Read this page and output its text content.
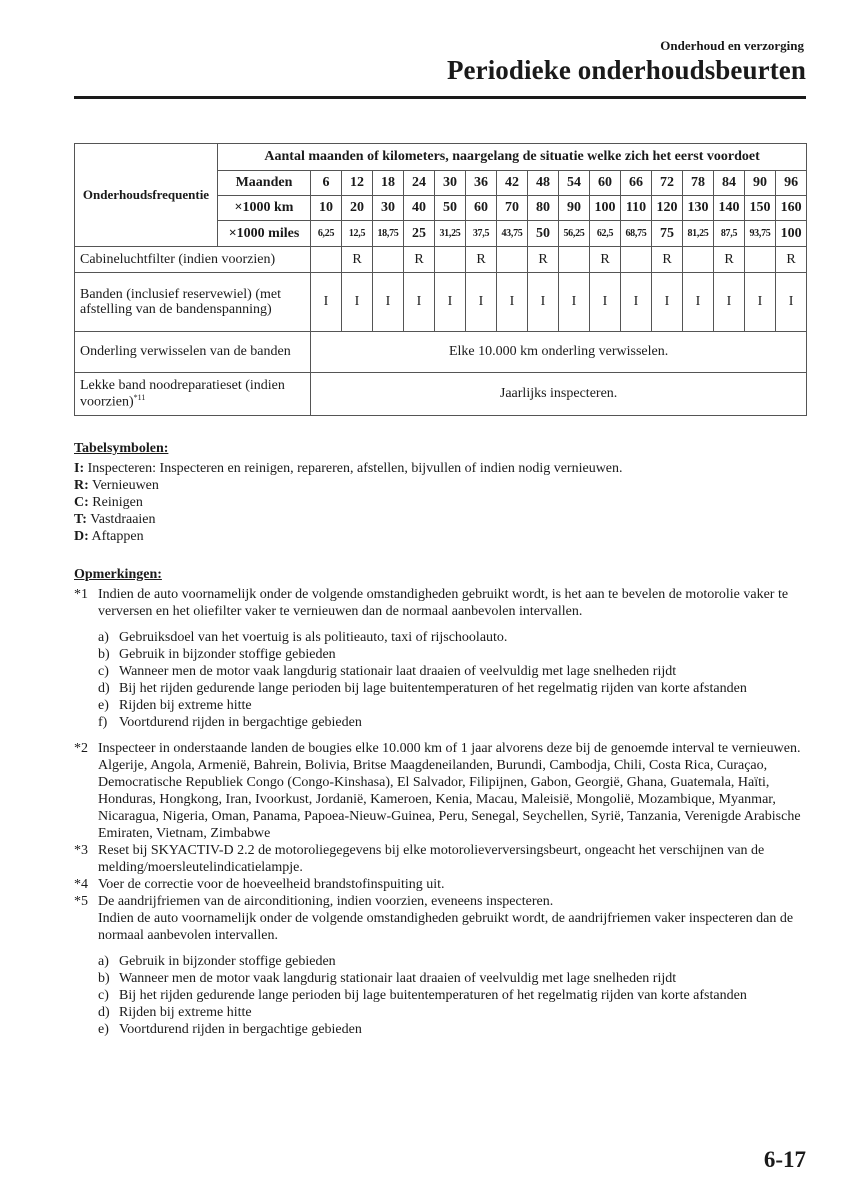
Onderhoud en verzorging
Periodieke onderhoudsbeurten
Onderhoudsfrequentie	Aantal maanden of kilometers, naargelang de situatie welke zich het eerst voordoet																
	Maanden	6	12	18	24	30	36	42	48	54	60	66	72	78	84	90	96
	×1000 km	10	20	30	40	50	60	70	80	90	100	110	120	130	140	150	160
	×1000 miles	6,25	12,5	18,75	25	31,25	37,5	43,75	50	56,25	62,5	68,75	75	81,25	87,5	93,75	100
Cabineluchtfilter (indien voorzien)			R		R		R		R		R		R		R		R
Banden (inclusief reservewiel) (met afstelling van de bandenspanning)		I	I	I	I	I	I	I	I	I	I	I	I	I	I	I	I
Onderling verwisselen van de banden		Elke 10.000 km onderling verwisselen.															
Lekke band noodreparatieset (indien voorzien)$^{*11}$		Jaarlijks inspecteren.															
Tabelsymbolen:
I: Inspecteren: Inspecteren en reinigen, repareren, afstellen, bijvullen of indien nodig vernieuwen.
R: Vernieuwen
C: Reinigen
T: Vastdraaien
D: Aftappen
Opmerkingen:
*1 Indien de auto voornamelijk onder de volgende omstandigheden gebruikt wordt, is het aan te bevelen de motorolie vaker te verversen en het oliefilter vaker te vernieuwen dan de normaal aanbevolen intervallen.
a) Gebruiksdoel van het voertuig is als politieauto, taxi of rijschoolauto.
b) Gebruik in bijzonder stoffige gebieden
c) Wanneer men de motor vaak langdurig stationair laat draaien of veelvuldig met lage snelheden rijdt
d) Bij het rijden gedurende lange perioden bij lage buitentemperaturen of het regelmatig rijden van korte afstanden
e) Rijden bij extreme hitte
f) Voortdurend rijden in bergachtige gebieden
*2 Inspecteer in onderstaande landen de bougies elke 10.000 km of 1 jaar alvorens deze bij de genoemde interval te vernieuwen.
Algerije, Angola, Armenië, Bahrein, Bolivia, Britse Maagdeneilanden, Burundi, Cambodja, Chili, Costa Rica, Curaçao, Democratische Republiek Congo (Congo-Kinshasa), El Salvador, Filipijnen, Gabon, Georgië, Ghana, Guatemala, Haïti, Honduras, Hongkong, Iran, Ivoorkust, Jordanië, Kameroen, Kenia, Macau, Maleisië, Mongolië, Mozambique, Myanmar, Nicaragua, Nigeria, Oman, Panama, Papoea-Nieuw-Guinea, Peru, Senegal, Seychellen, Syrië, Tanzania, Verenigde Arabische Emiraten, Vietnam, Zimbabwe
*3 Reset bij SKYACTIV-D 2.2 de motoroliegegevens bij elke motorolieverversingsbeurt, ongeacht het verschijnen van de melding/moersleutelindicatielampje.
*4 Voer de correctie voor de hoeveelheid brandstofinspuiting uit.
*5 De aandrijfriemen van de airconditioning, indien voorzien, eveneens inspecteren.
Indien de auto voornamelijk onder de volgende omstandigheden gebruikt wordt, de aandrijfriemen vaker inspecteren dan de normaal aanbevolen intervallen.
a) Gebruik in bijzonder stoffige gebieden
b) Wanneer men de motor vaak langdurig stationair laat draaien of veelvuldig met lage snelheden rijdt
c) Bij het rijden gedurende lange perioden bij lage buitentemperaturen of het regelmatig rijden van korte afstanden
d) Rijden bij extreme hitte
e) Voortdurend rijden in bergachtige gebieden
6-17
